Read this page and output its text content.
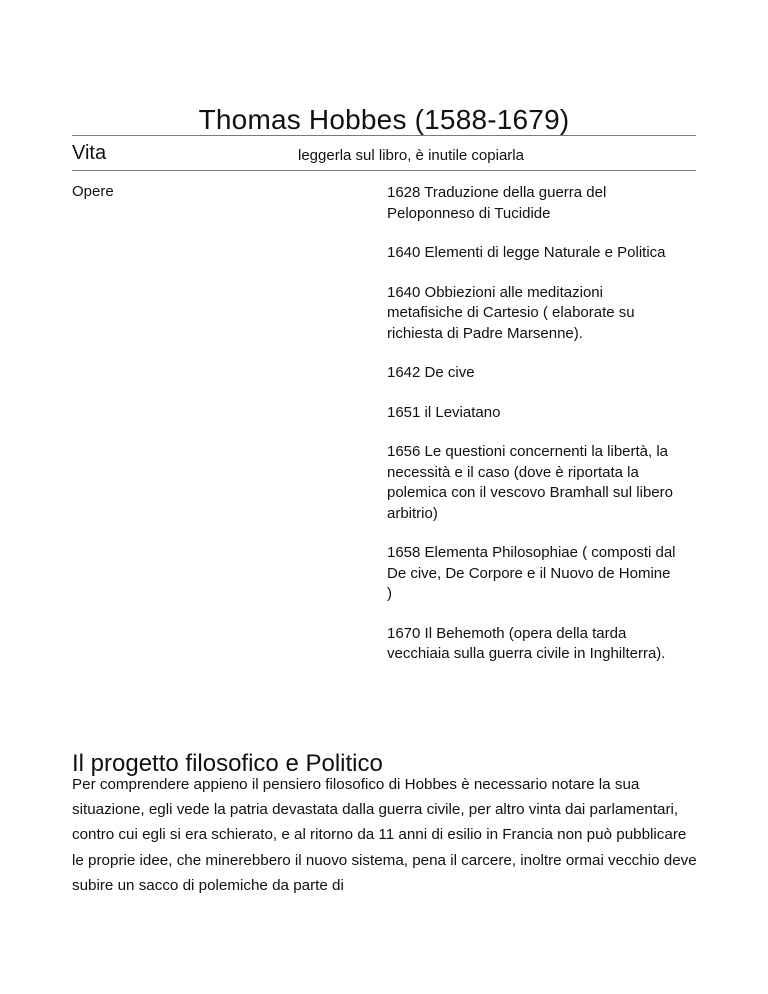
Thomas Hobbes (1588-1679)
Vita	leggerla sul libro, è inutile copiarla
Opere	1628 Traduzione della guerra del Peloponneso di Tucidide
1640 Elementi di legge Naturale e Politica
1640 Obbiezioni alle meditazioni metafisiche di Cartesio ( elaborate su richiesta di Padre Marsenne).
1642 De cive
1651 il Leviatano
1656 Le questioni concernenti la libertà, la necessità e il caso (dove è riportata la polemica con il vescovo Bramhall sul libero arbitrio)
1658 Elementa Philosophiae ( composti dal De cive, De Corpore e il Nuovo de Homine )
1670 Il Behemoth (opera della tarda vecchiaia sulla guerra civile in Inghilterra).
Il progetto filosofico e Politico

Per comprendere appieno il pensiero filosofico di Hobbes è necessario notare la sua situazione, egli vede la patria devastata dalla guerra civile, per altro vinta dai parlamentari, contro cui egli si era schierato, e al ritorno da 11 anni di esilio in Francia non può pubblicare le proprie idee, che minerebbero il nuovo sistema, pena il carcere, inoltre ormai vecchio deve subire un sacco di polemiche da parte di
